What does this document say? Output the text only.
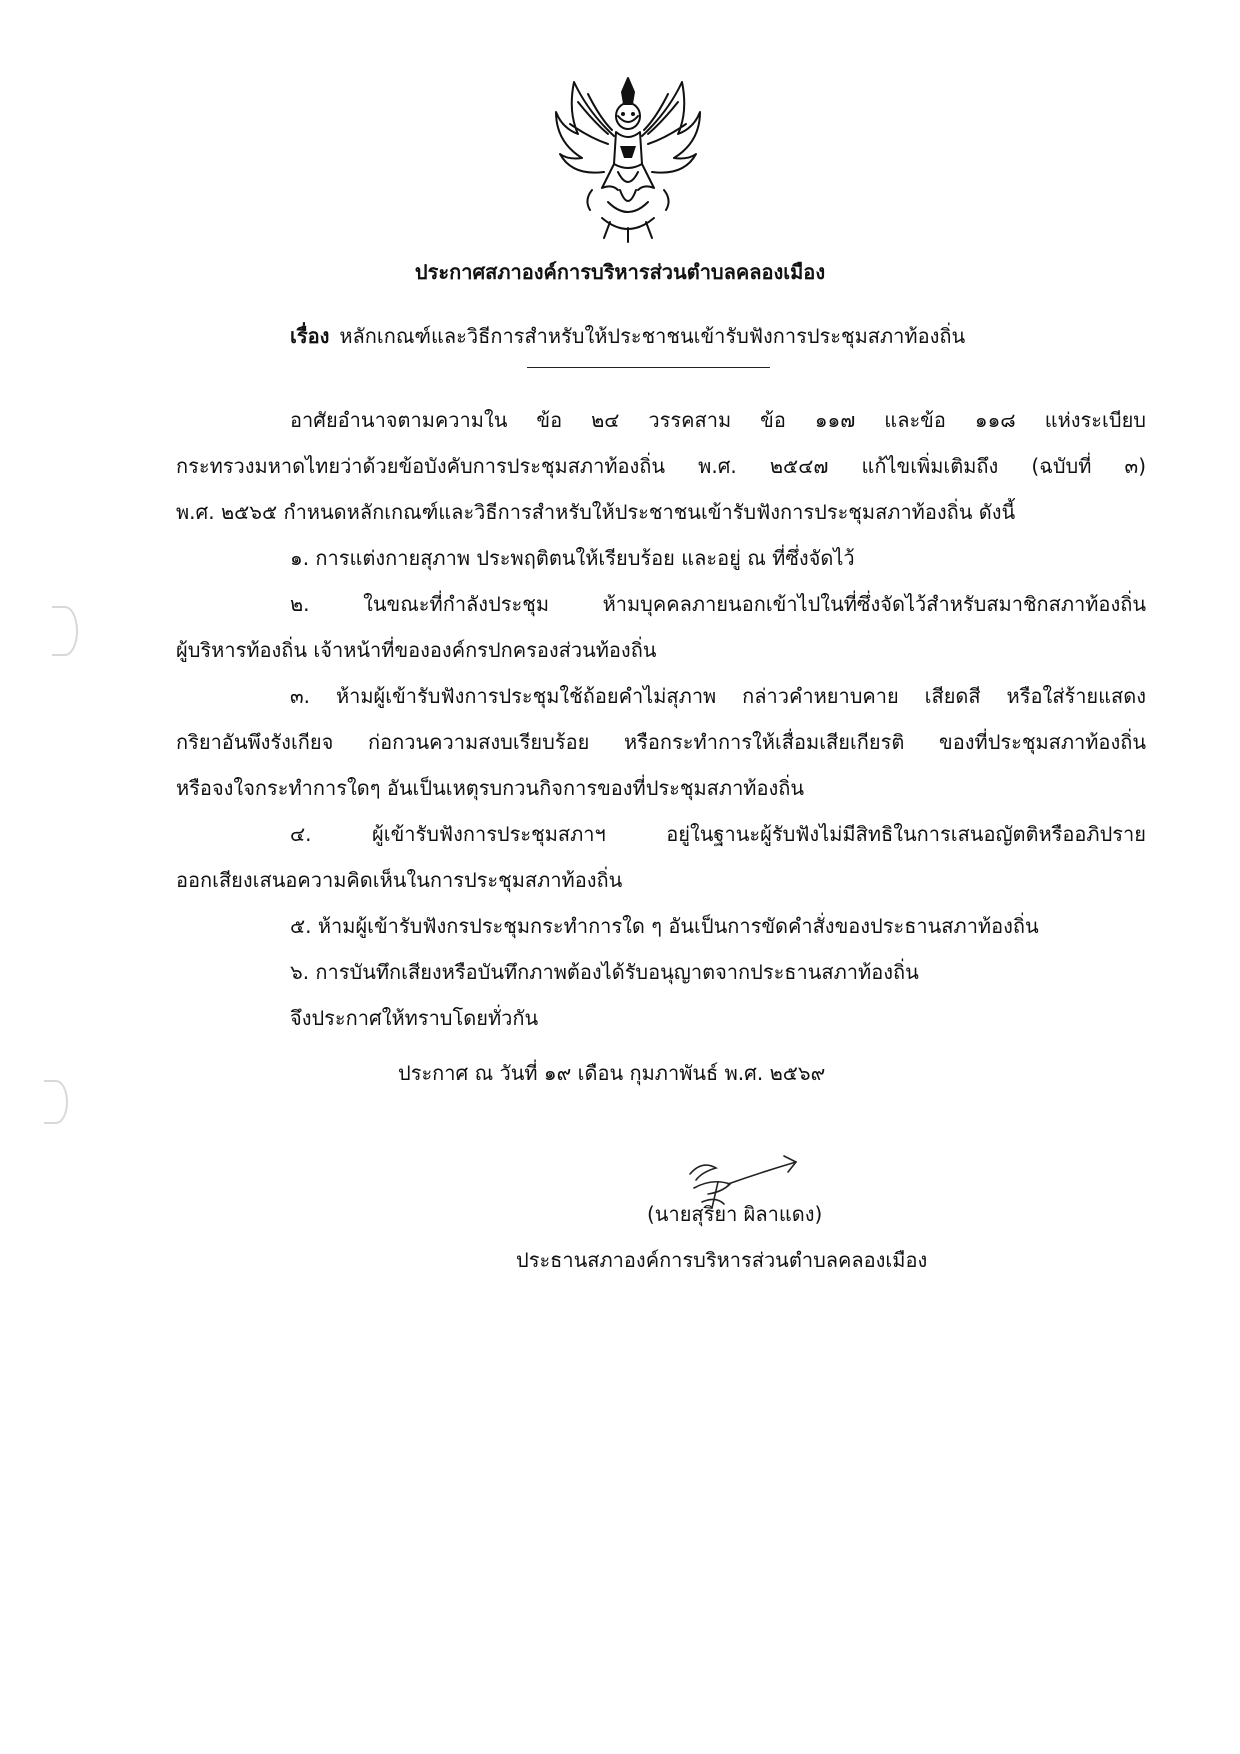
ประกาศสภาองค์การบริหารส่วนตำบลคลองเมือง
เรื่อง หลักเกณฑ์และวิธีการสำหรับให้ประชาชนเข้ารับฟังการประชุมสภาท้องถิ่น
อาศัยอำนาจตามความใน ข้อ ๒๔ วรรคสาม ข้อ ๑๑๗ และข้อ ๑๑๘ แห่งระเบียบ
กระทรวงมหาดไทยว่าด้วยข้อบังคับการประชุมสภาท้องถิ่น พ.ศ. ๒๕๔๗ แก้ไขเพิ่มเติมถึง (ฉบับที่ ๓)
พ.ศ. ๒๕๖๕ กำหนดหลักเกณฑ์และวิธีการสำหรับให้ประชาชนเข้ารับฟังการประชุมสภาท้องถิ่น ดังนี้
๑. การแต่งกายสุภาพ ประพฤติตนให้เรียบร้อย และอยู่ ณ ที่ซึ่งจัดไว้
๒. ในขณะที่กำลังประชุม ห้ามบุคคลภายนอกเข้าไปในที่ซึ่งจัดไว้สำหรับสมาชิกสภาท้องถิ่น
ผู้บริหารท้องถิ่น เจ้าหน้าที่ขององค์กรปกครองส่วนท้องถิ่น
๓. ห้ามผู้เข้ารับฟังการประชุมใช้ถ้อยคำไม่สุภาพ กล่าวคำหยาบคาย เสียดสี หรือใส่ร้ายแสดง
กริยาอันพึงรังเกียจ ก่อกวนความสงบเรียบร้อย หรือกระทำการให้เสื่อมเสียเกียรติ ของที่ประชุมสภาท้องถิ่น
หรือจงใจกระทำการใดๆ อันเป็นเหตุรบกวนกิจการของที่ประชุมสภาท้องถิ่น
๔. ผู้เข้ารับฟังการประชุมสภาฯ อยู่ในฐานะผู้รับฟังไม่มีสิทธิในการเสนอญัตติหรืออภิปราย
ออกเสียงเสนอความคิดเห็นในการประชุมสภาท้องถิ่น
๕. ห้ามผู้เข้ารับฟังกรประชุมกระทำการใด ๆ อันเป็นการขัดคำสั่งของประธานสภาท้องถิ่น
๖. การบันทึกเสียงหรือบันทึกภาพต้องได้รับอนุญาตจากประธานสภาท้องถิ่น
จึงประกาศให้ทราบโดยทั่วกัน
ประกาศ ณ วันที่ ๑๙ เดือน กุมภาพันธ์ พ.ศ. ๒๕๖๙
(นายสุริยา ผิลาแดง)
ประธานสภาองค์การบริหารส่วนตำบลคลองเมือง
